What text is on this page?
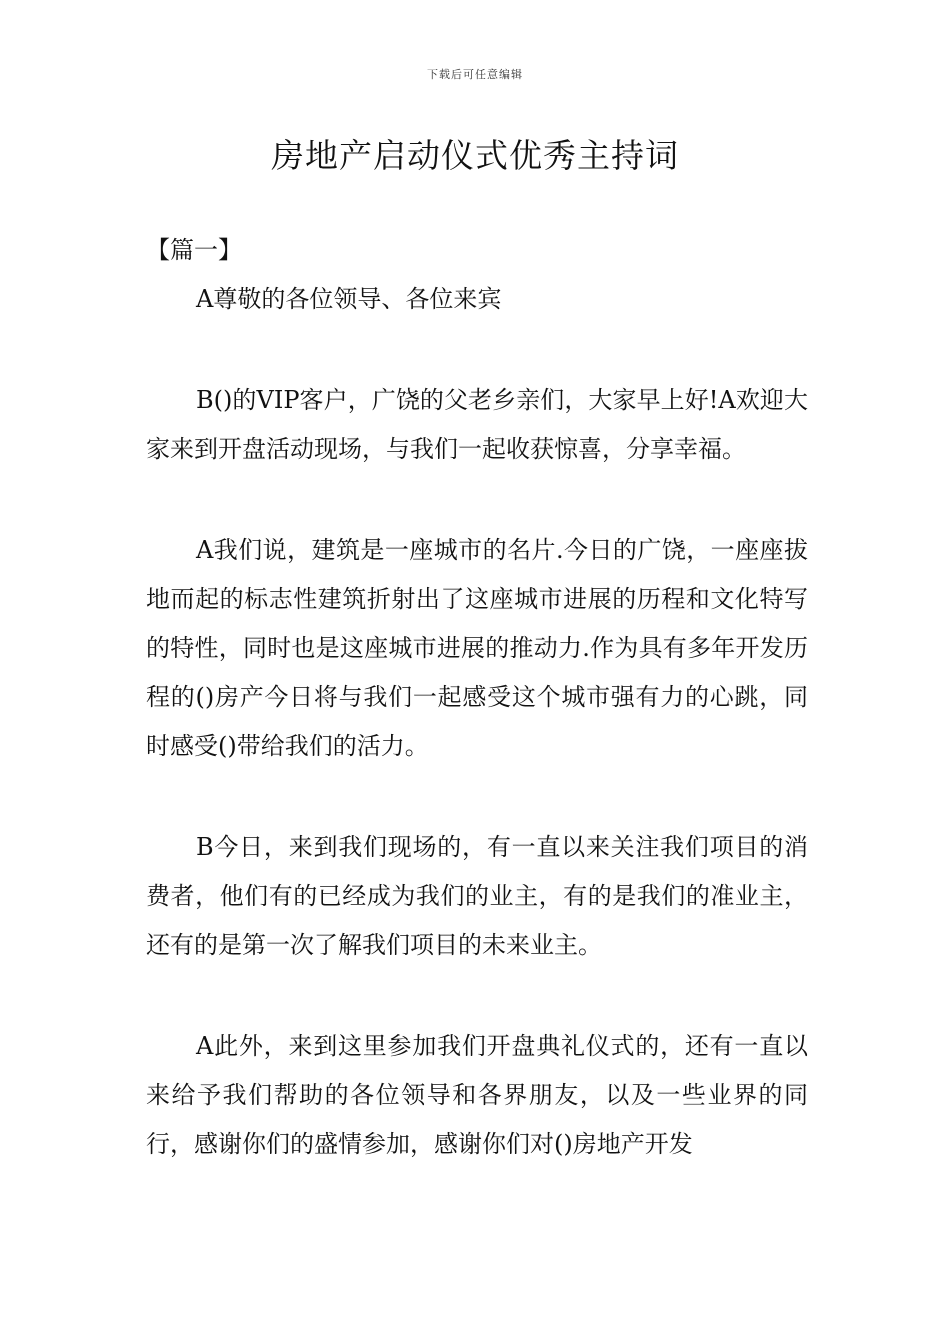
下载后可任意编辑
房地产启动仪式优秀主持词

【篇一】

A尊敬的各位领导、各位来宾

B()的VIP客户，广饶的父老乡亲们，大家早上好!A欢迎大家来到开盘活动现场，与我们一起收获惊喜，分享幸福。

A我们说，建筑是一座城市的名片.今日的广饶，一座座拔地而起的标志性建筑折射出了这座城市进展的历程和文化特写的特性，同时也是这座城市进展的推动力.作为具有多年开发历程的()房产今日将与我们一起感受这个城市强有力的心跳，同时感受()带给我们的活力。

B今日，来到我们现场的，有一直以来关注我们项目的消费者，他们有的已经成为我们的业主，有的是我们的准业主，还有的是第一次了解我们项目的未来业主。

A此外，来到这里参加我们开盘典礼仪式的，还有一直以来给予我们帮助的各位领导和各界朋友，以及一些业界的同行，感谢你们的盛情参加，感谢你们对()房地产开发
